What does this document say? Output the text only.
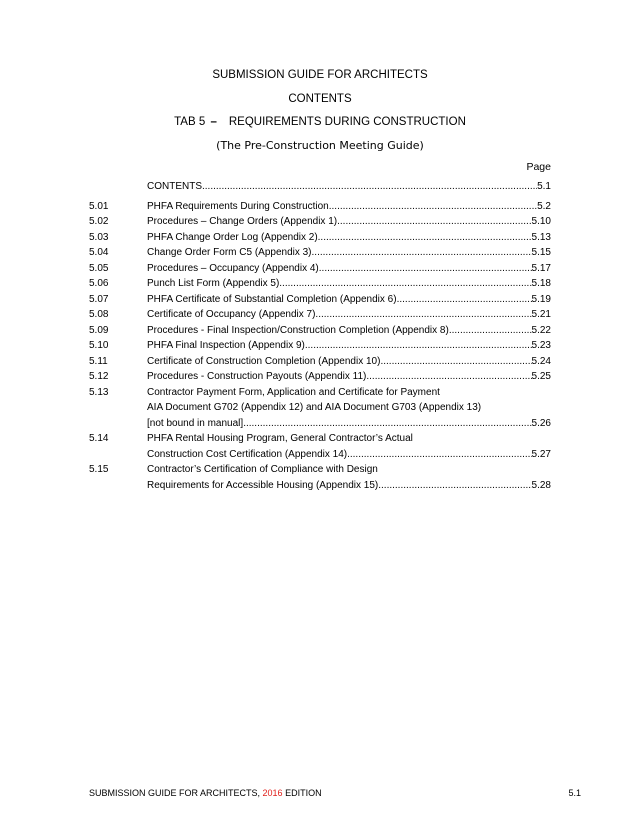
SUBMISSION GUIDE FOR ARCHITECTS
CONTENTS
TAB 5 – REQUIREMENTS DURING CONSTRUCTION
(The Pre-Construction Meeting Guide)
Page
CONTENTS .....	5.1
5.01	PHFA Requirements During Construction .....	5.2
5.02	Procedures – Change Orders (Appendix 1) .....	5.10
5.03	PHFA Change Order Log (Appendix 2) .....	5.13
5.04	Change Order Form C5 (Appendix 3) .....	5.15
5.05	Procedures – Occupancy (Appendix 4) .....	5.17
5.06	Punch List Form (Appendix 5) .....	5.18
5.07	PHFA Certificate of Substantial Completion (Appendix 6) .....	5.19
5.08	Certificate of Occupancy (Appendix 7) .....	5.21
5.09	Procedures - Final Inspection/Construction Completion (Appendix 8) .....	5.22
5.10	PHFA Final Inspection (Appendix 9) .....	5.23
5.11	Certificate of Construction Completion (Appendix 10) .....	5.24
5.12	Procedures - Construction Payouts (Appendix 11) .....	5.25
5.13	Contractor Payment Form, Application and Certificate for Payment
AIA Document G702 (Appendix 12) and AIA Document G703 (Appendix 13)
[not bound in manual] .....	5.26
5.14	PHFA Rental Housing Program, General Contractor’s Actual
Construction Cost Certification (Appendix 14) .....	5.27
5.15	Contractor’s Certification of Compliance with Design
Requirements for Accessible Housing (Appendix 15) .....	5.28
SUBMISSION GUIDE FOR ARCHITECTS, 2016 EDITION	5.1
